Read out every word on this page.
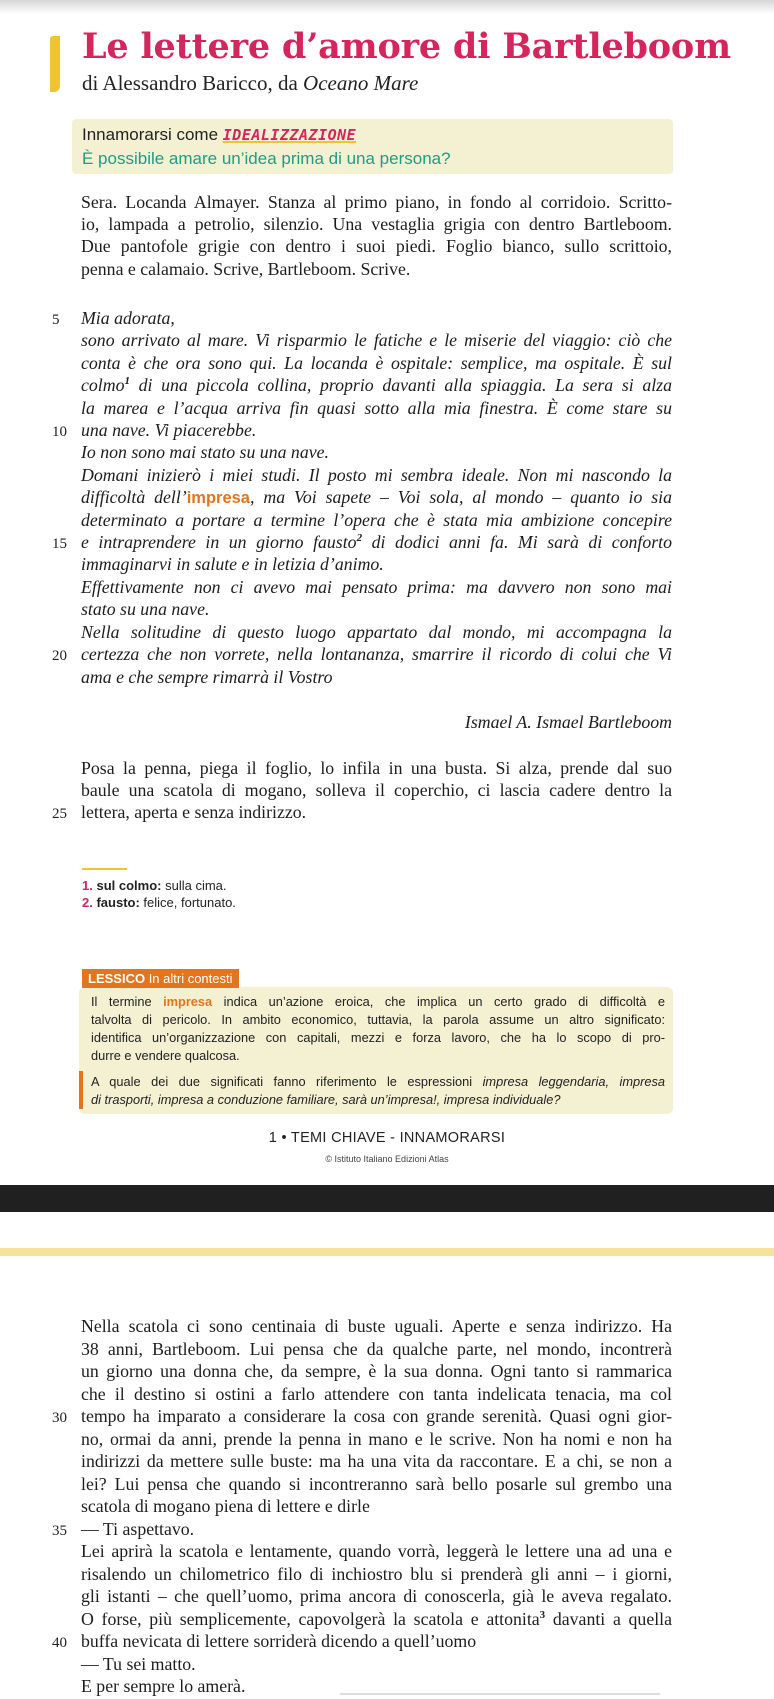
Le lettere d’amore di Bartleboom
di Alessandro Baricco, da Oceano Mare
Innamorarsi come IDEALIZZAZIONE
È possibile amare un’idea prima di una persona?
Sera. Locanda Almayer. Stanza al primo piano, in fondo al corridoio. Scritto-
io, lampada a petrolio, silenzio. Una vestaglia grigia con dentro Bartleboom.
Due pantofole grigie con dentro i suoi piedi. Foglio bianco, sullo scrittoio,
penna e calamaio. Scrive, Bartleboom. Scrive.
5 Mia adorata,
sono arrivato al mare. Vi risparmio le fatiche e le miserie del viaggio: ciò che
conta è che ora sono qui. La locanda è ospitale: semplice, ma ospitale. È sul
colmo$^1$ di una piccola collina, proprio davanti alla spiaggia. La sera si alza
la marea e l’acqua arriva fin quasi sotto alla mia finestra. È come stare su
10 una nave. Vi piacerebbe.
Io non sono mai stato su una nave.
Domani inizierò i miei studi. Il posto mi sembra ideale. Non mi nascondo la
difficoltà dell’impresa, ma Voi sapete – Voi sola, al mondo – quanto io sia
determinato a portare a termine l’opera che è stata mia ambizione concepire
15 e intraprendere in un giorno fausto$^2$ di dodici anni fa. Mi sarà di conforto
immaginarvi in salute e in letizia d’animo.
Effettivamente non ci avevo mai pensato prima: ma davvero non sono mai
stato su una nave.
Nella solitudine di questo luogo appartato dal mondo, mi accompagna la
20 certezza che non vorrete, nella lontananza, smarrire il ricordo di colui che Vi
ama e che sempre rimarrà il Vostro
Ismael A. Ismael Bartleboom
Posa la penna, piega il foglio, lo infila in una busta. Si alza, prende dal suo
baule una scatola di mogano, solleva il coperchio, ci lascia cadere dentro la
25 lettera, aperta e senza indirizzo.
1. sul colmo: sulla cima.
2. fausto: felice, fortunato.
LESSICO In altri contesti
Il termine impresa indica un’azione eroica, che implica un certo grado di difficoltà e
talvolta di pericolo. In ambito economico, tuttavia, la parola assume un altro significato:
identifica un’organizzazione con capitali, mezzi e forza lavoro, che ha lo scopo di pro-
durre e vendere qualcosa.
A quale dei due significati fanno riferimento le espressioni impresa leggendaria, impresa
di trasporti, impresa a conduzione familiare, sarà un’impresa!, impresa individuale?
1 • TEMI CHIAVE - INNAMORARSI
© Istituto Italiano Edizioni Atlas
Nella scatola ci sono centinaia di buste uguali. Aperte e senza indirizzo. Ha
38 anni, Bartleboom. Lui pensa che da qualche parte, nel mondo, incontrerà
un giorno una donna che, da sempre, è la sua donna. Ogni tanto si rammarica
che il destino si ostini a farlo attendere con tanta indelicata tenacia, ma col
30 tempo ha imparato a considerare la cosa con grande serenità. Quasi ogni gior-
no, ormai da anni, prende la penna in mano e le scrive. Non ha nomi e non ha
indirizzi da mettere sulle buste: ma ha una vita da raccontare. E a chi, se non a
lei? Lui pensa che quando si incontreranno sarà bello posarle sul grembo una
scatola di mogano piena di lettere e dirle
35 — Ti aspettavo.
Lei aprirà la scatola e lentamente, quando vorrà, leggerà le lettere una ad una e
risalendo un chilometrico filo di inchiostro blu si prenderà gli anni – i giorni,
gli istanti – che quell’uomo, prima ancora di conoscerla, già le aveva regalato.
O forse, più semplicemente, capovolgerà la scatola e attonita$^3$ davanti a quella
40 buffa nevicata di lettere sorriderà dicendo a quell’uomo
— Tu sei matto.
E per sempre lo amerà.
